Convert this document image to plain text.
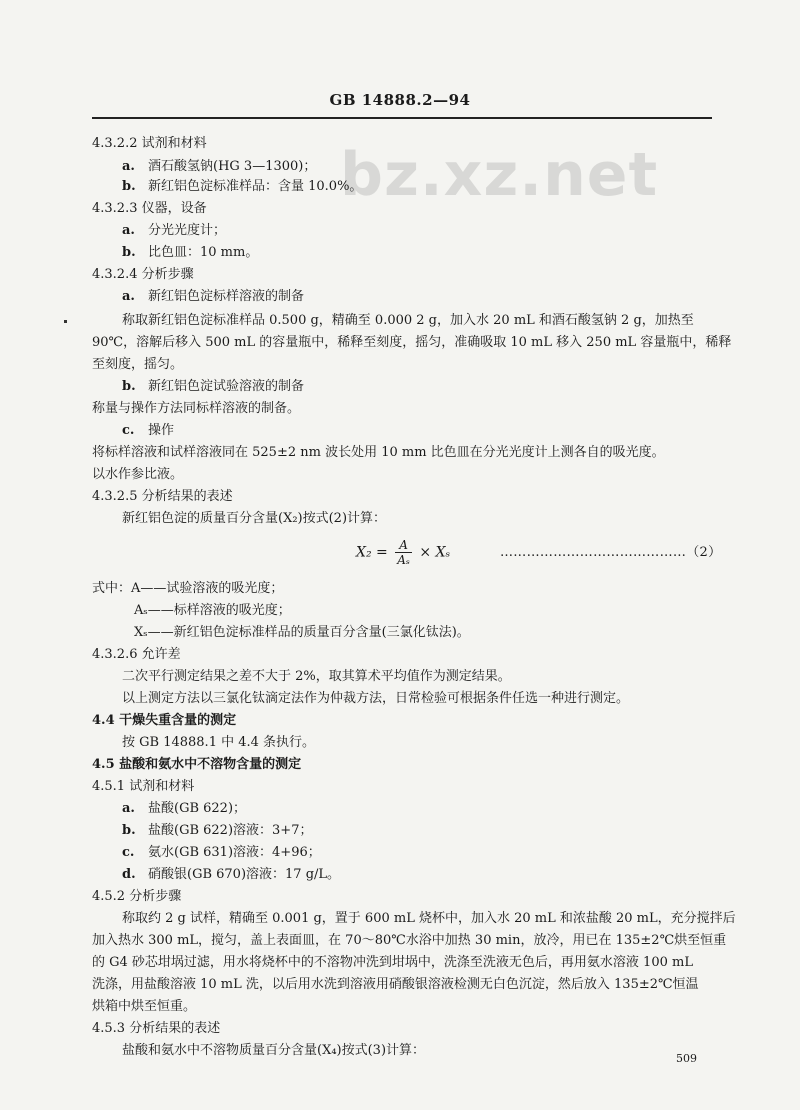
GB 14888.2—94
bz.xz.net
4.3.2.2 试剂和材料
a. 酒石酸氢钠(HG 3—1300)；
b. 新红铝色淀标准样品：含量 10.0%。
4.3.2.3 仪器，设备
a. 分光光度计；
b. 比色皿：10 mm。
4.3.2.4 分析步骤
a. 新红铝色淀标样溶液的制备
称取新红铝色淀标准样品 0.500 g，精确至 0.000 2 g，加入水 20 mL 和酒石酸氢钠 2 g，加热至
90℃，溶解后移入 500 mL 的容量瓶中，稀释至刻度，摇匀，准确吸取 10 mL 移入 250 mL 容量瓶中，稀释
至刻度，摇匀。
b. 新红铝色淀试验溶液的制备
称量与操作方法同标样溶液的制备。
c. 操作
将标样溶液和试样溶液同在 525±2 nm 波长处用 10 mm 比色皿在分光光度计上测各自的吸光度。
以水作参比液。
4.3.2.5 分析结果的表述
新红铝色淀的质量百分含量(X₂)按式(2)计算：
$X_2 = \frac{A}{\text{Aₛ}} \times X_s$	……………………………………（2）
式中：A——试验溶液的吸光度；
Aₛ——标样溶液的吸光度；
Xₛ——新红铝色淀标准样品的质量百分含量(三氯化钛法)。
4.3.2.6 允许差
二次平行测定结果之差不大于 2%，取其算术平均值作为测定结果。
以上测定方法以三氯化钛滴定法作为仲裁方法，日常检验可根据条件任选一种进行测定。
4.4 干燥失重含量的测定
按 GB 14888.1 中 4.4 条执行。
4.5 盐酸和氨水中不溶物含量的测定
4.5.1 试剂和材料
a. 盐酸(GB 622)；
b. 盐酸(GB 622)溶液：3+7；
c. 氨水(GB 631)溶液：4+96；
d. 硝酸银(GB 670)溶液：17 g/L。
4.5.2 分析步骤
称取约 2 g 试样，精确至 0.001 g，置于 600 mL 烧杯中，加入水 20 mL 和浓盐酸 20 mL，充分搅拌后
加入热水 300 mL，搅匀，盖上表面皿，在 70～80℃水浴中加热 30 min，放冷，用已在 135±2℃烘至恒重
的 G4 砂芯坩埚过滤，用水将烧杯中的不溶物冲洗到坩埚中，洗涤至洗液无色后，再用氨水溶液 100 mL
洗涤，用盐酸溶液 10 mL 洗，以后用水洗到溶液用硝酸银溶液检测无白色沉淀，然后放入 135±2℃恒温
烘箱中烘至恒重。
4.5.3 分析结果的表述
盐酸和氨水中不溶物质量百分含量(X₄)按式(3)计算：
509
